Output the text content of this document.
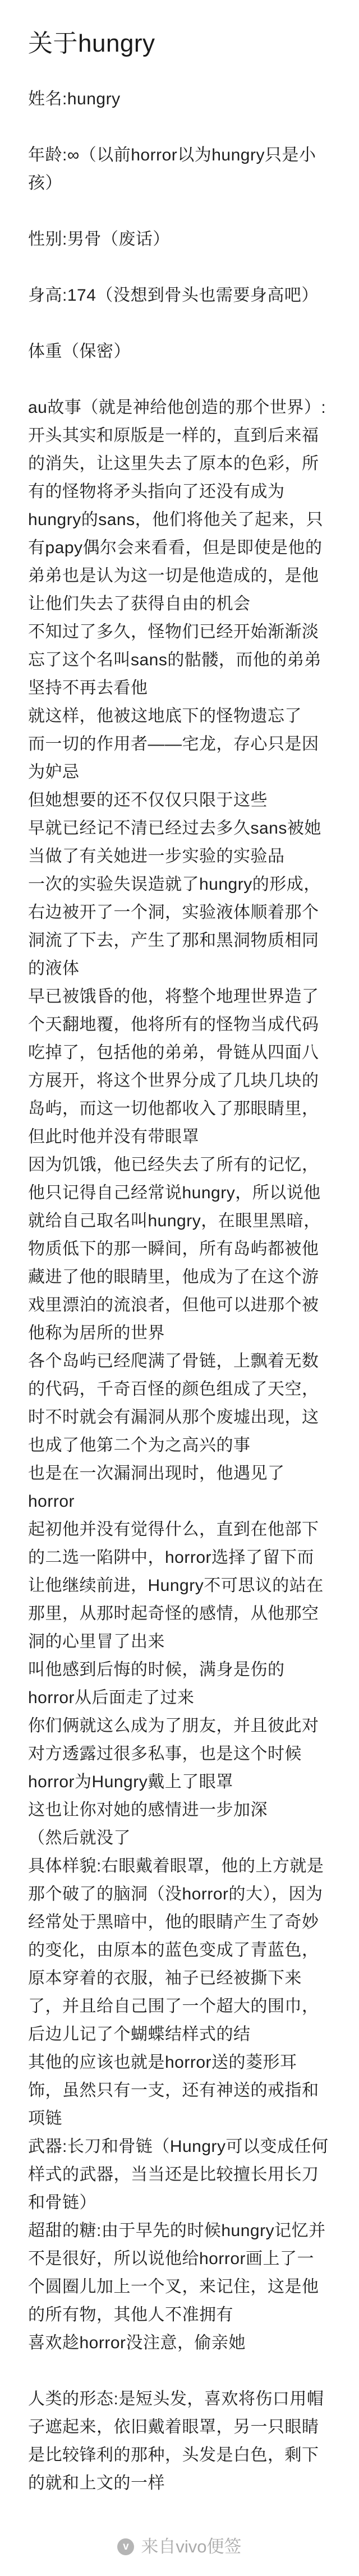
关于hungry
姓名:hungry
年龄:∞（以前horror以为hungry只是小孩）
性别:男骨（废话）
身高:174（没想到骨头也需要身高吧）
体重（保密）

au故事（就是神给他创造的那个世界）:开头其实和原版是一样的，直到后来福的消失，让这里失去了原本的色彩，所有的怪物将矛头指向了还没有成为hungry的sans，他们将他关了起来，只有papy偶尔会来看看，但是即使是他的弟弟也是认为这一切是他造成的，是他让他们失去了获得自由的机会

不知过了多久，怪物们已经开始渐渐淡忘了这个名叫sans的骷髅，而他的弟弟坚持不再去看他

就这样，他被这地底下的怪物遗忘了

而一切的作用者——宅龙，存心只是因为妒忌

但她想要的还不仅仅只限于这些

早就已经记不清已经过去多久sans被她当做了有关她进一步实验的实验品

一次的实验失误造就了hungry的形成，右边被开了一个洞，实验液体顺着那个洞流了下去，产生了那和黑洞物质相同的液体

早已被饿昏的他，将整个地理世界造了个天翻地覆，他将所有的怪物当成代码吃掉了，包括他的弟弟，骨链从四面八方展开，将这个世界分成了几块几块的岛屿，而这一切他都收入了那眼睛里，但此时他并没有带眼罩

因为饥饿，他已经失去了所有的记忆，他只记得自己经常说hungry，所以说他就给自己取名叫hungry，在眼里黑暗，物质低下的那一瞬间，所有岛屿都被他藏进了他的眼睛里，他成为了在这个游戏里漂泊的流浪者，但他可以进那个被他称为居所的世界

各个岛屿已经爬满了骨链，上飘着无数的代码，千奇百怪的颜色组成了天空，时不时就会有漏洞从那个废墟出现，这也成了他第二个为之高兴的事

也是在一次漏洞出现时，他遇见了horror

起初他并没有觉得什么，直到在他部下的二选一陷阱中，horror选择了留下而让他继续前进，Hungry不可思议的站在那里，从那时起奇怪的感情，从他那空洞的心里冒了出来

叫他感到后悔的时候，满身是伤的horror从后面走了过来

你们俩就这么成为了朋友，并且彼此对对方透露过很多私事，也是这个时候horror为Hungry戴上了眼罩

这也让你对她的感情进一步加深

（然后就没了

具体样貌:右眼戴着眼罩，他的上方就是那个破了的脑洞（没horror的大），因为经常处于黑暗中，他的眼睛产生了奇妙的变化，由原本的蓝色变成了青蓝色，

原本穿着的衣服，袖子已经被撕下来了，并且给自己围了一个超大的围巾，后边儿记了个蝴蝶结样式的结

其他的应该也就是horror送的菱形耳饰，虽然只有一支，还有神送的戒指和项链

武器:长刀和骨链（Hungry可以变成任何样式的武器，当当还是比较擅长用长刀和骨链）

超甜的糖:由于早先的时候hungry记忆并不是很好，所以说他给horror画上了一个圆圈儿加上一个叉，来记住，这是他的所有物，其他人不准拥有

喜欢趁horror没注意，偷亲她

人类的形态:是短头发，喜欢将伤口用帽子遮起来，依旧戴着眼罩，另一只眼睛是比较锋利的那种，头发是白色，剩下的就和上文的一样

v 来自vivo便签
